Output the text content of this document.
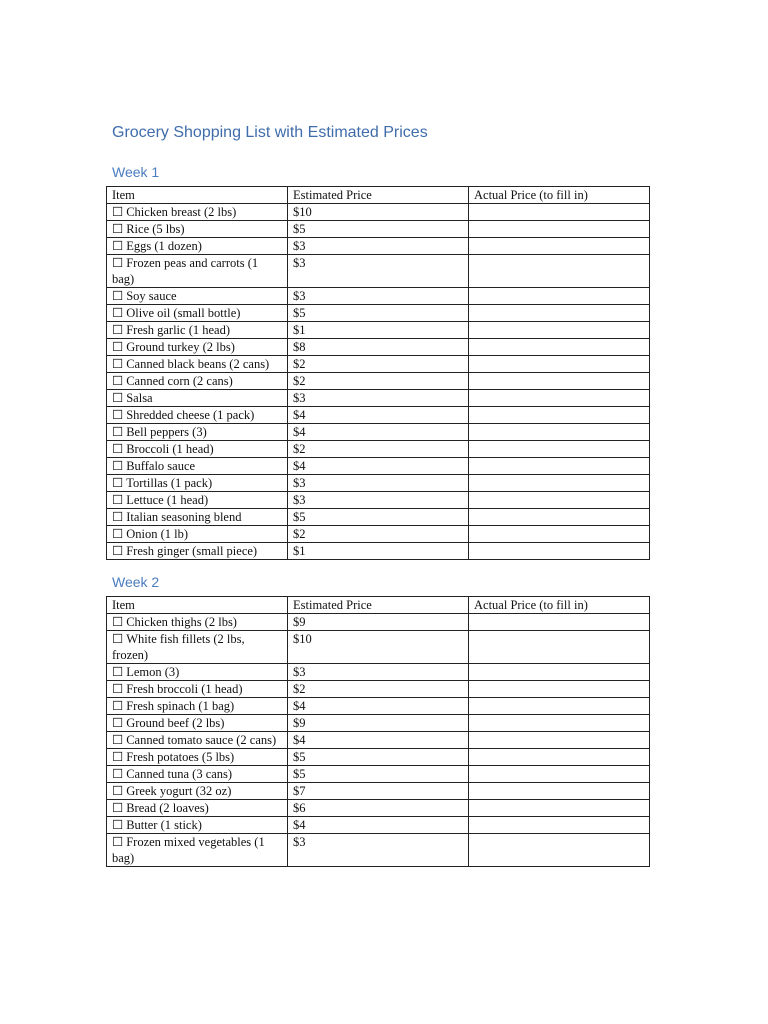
Grocery Shopping List with Estimated Prices
Week 1
Item	Estimated Price	Actual Price (to fill in)
☐ Chicken breast (2 lbs)	$10	
☐ Rice (5 lbs)	$5	
☐ Eggs (1 dozen)	$3	
☐ Frozen peas and carrots (1 bag)	$3	
☐ Soy sauce	$3	
☐ Olive oil (small bottle)	$5	
☐ Fresh garlic (1 head)	$1	
☐ Ground turkey (2 lbs)	$8	
☐ Canned black beans (2 cans)	$2	
☐ Canned corn (2 cans)	$2	
☐ Salsa	$3	
☐ Shredded cheese (1 pack)	$4	
☐ Bell peppers (3)	$4	
☐ Broccoli (1 head)	$2	
☐ Buffalo sauce	$4	
☐ Tortillas (1 pack)	$3	
☐ Lettuce (1 head)	$3	
☐ Italian seasoning blend	$5	
☐ Onion (1 lb)	$2	
☐ Fresh ginger (small piece)	$1	
Week 2
Item	Estimated Price	Actual Price (to fill in)
☐ Chicken thighs (2 lbs)	$9	
☐ White fish fillets (2 lbs, frozen)	$10	
☐ Lemon (3)	$3	
☐ Fresh broccoli (1 head)	$2	
☐ Fresh spinach (1 bag)	$4	
☐ Ground beef (2 lbs)	$9	
☐ Canned tomato sauce (2 cans)	$4	
☐ Fresh potatoes (5 lbs)	$5	
☐ Canned tuna (3 cans)	$5	
☐ Greek yogurt (32 oz)	$7	
☐ Bread (2 loaves)	$6	
☐ Butter (1 stick)	$4	
☐ Frozen mixed vegetables (1 bag)	$3	
